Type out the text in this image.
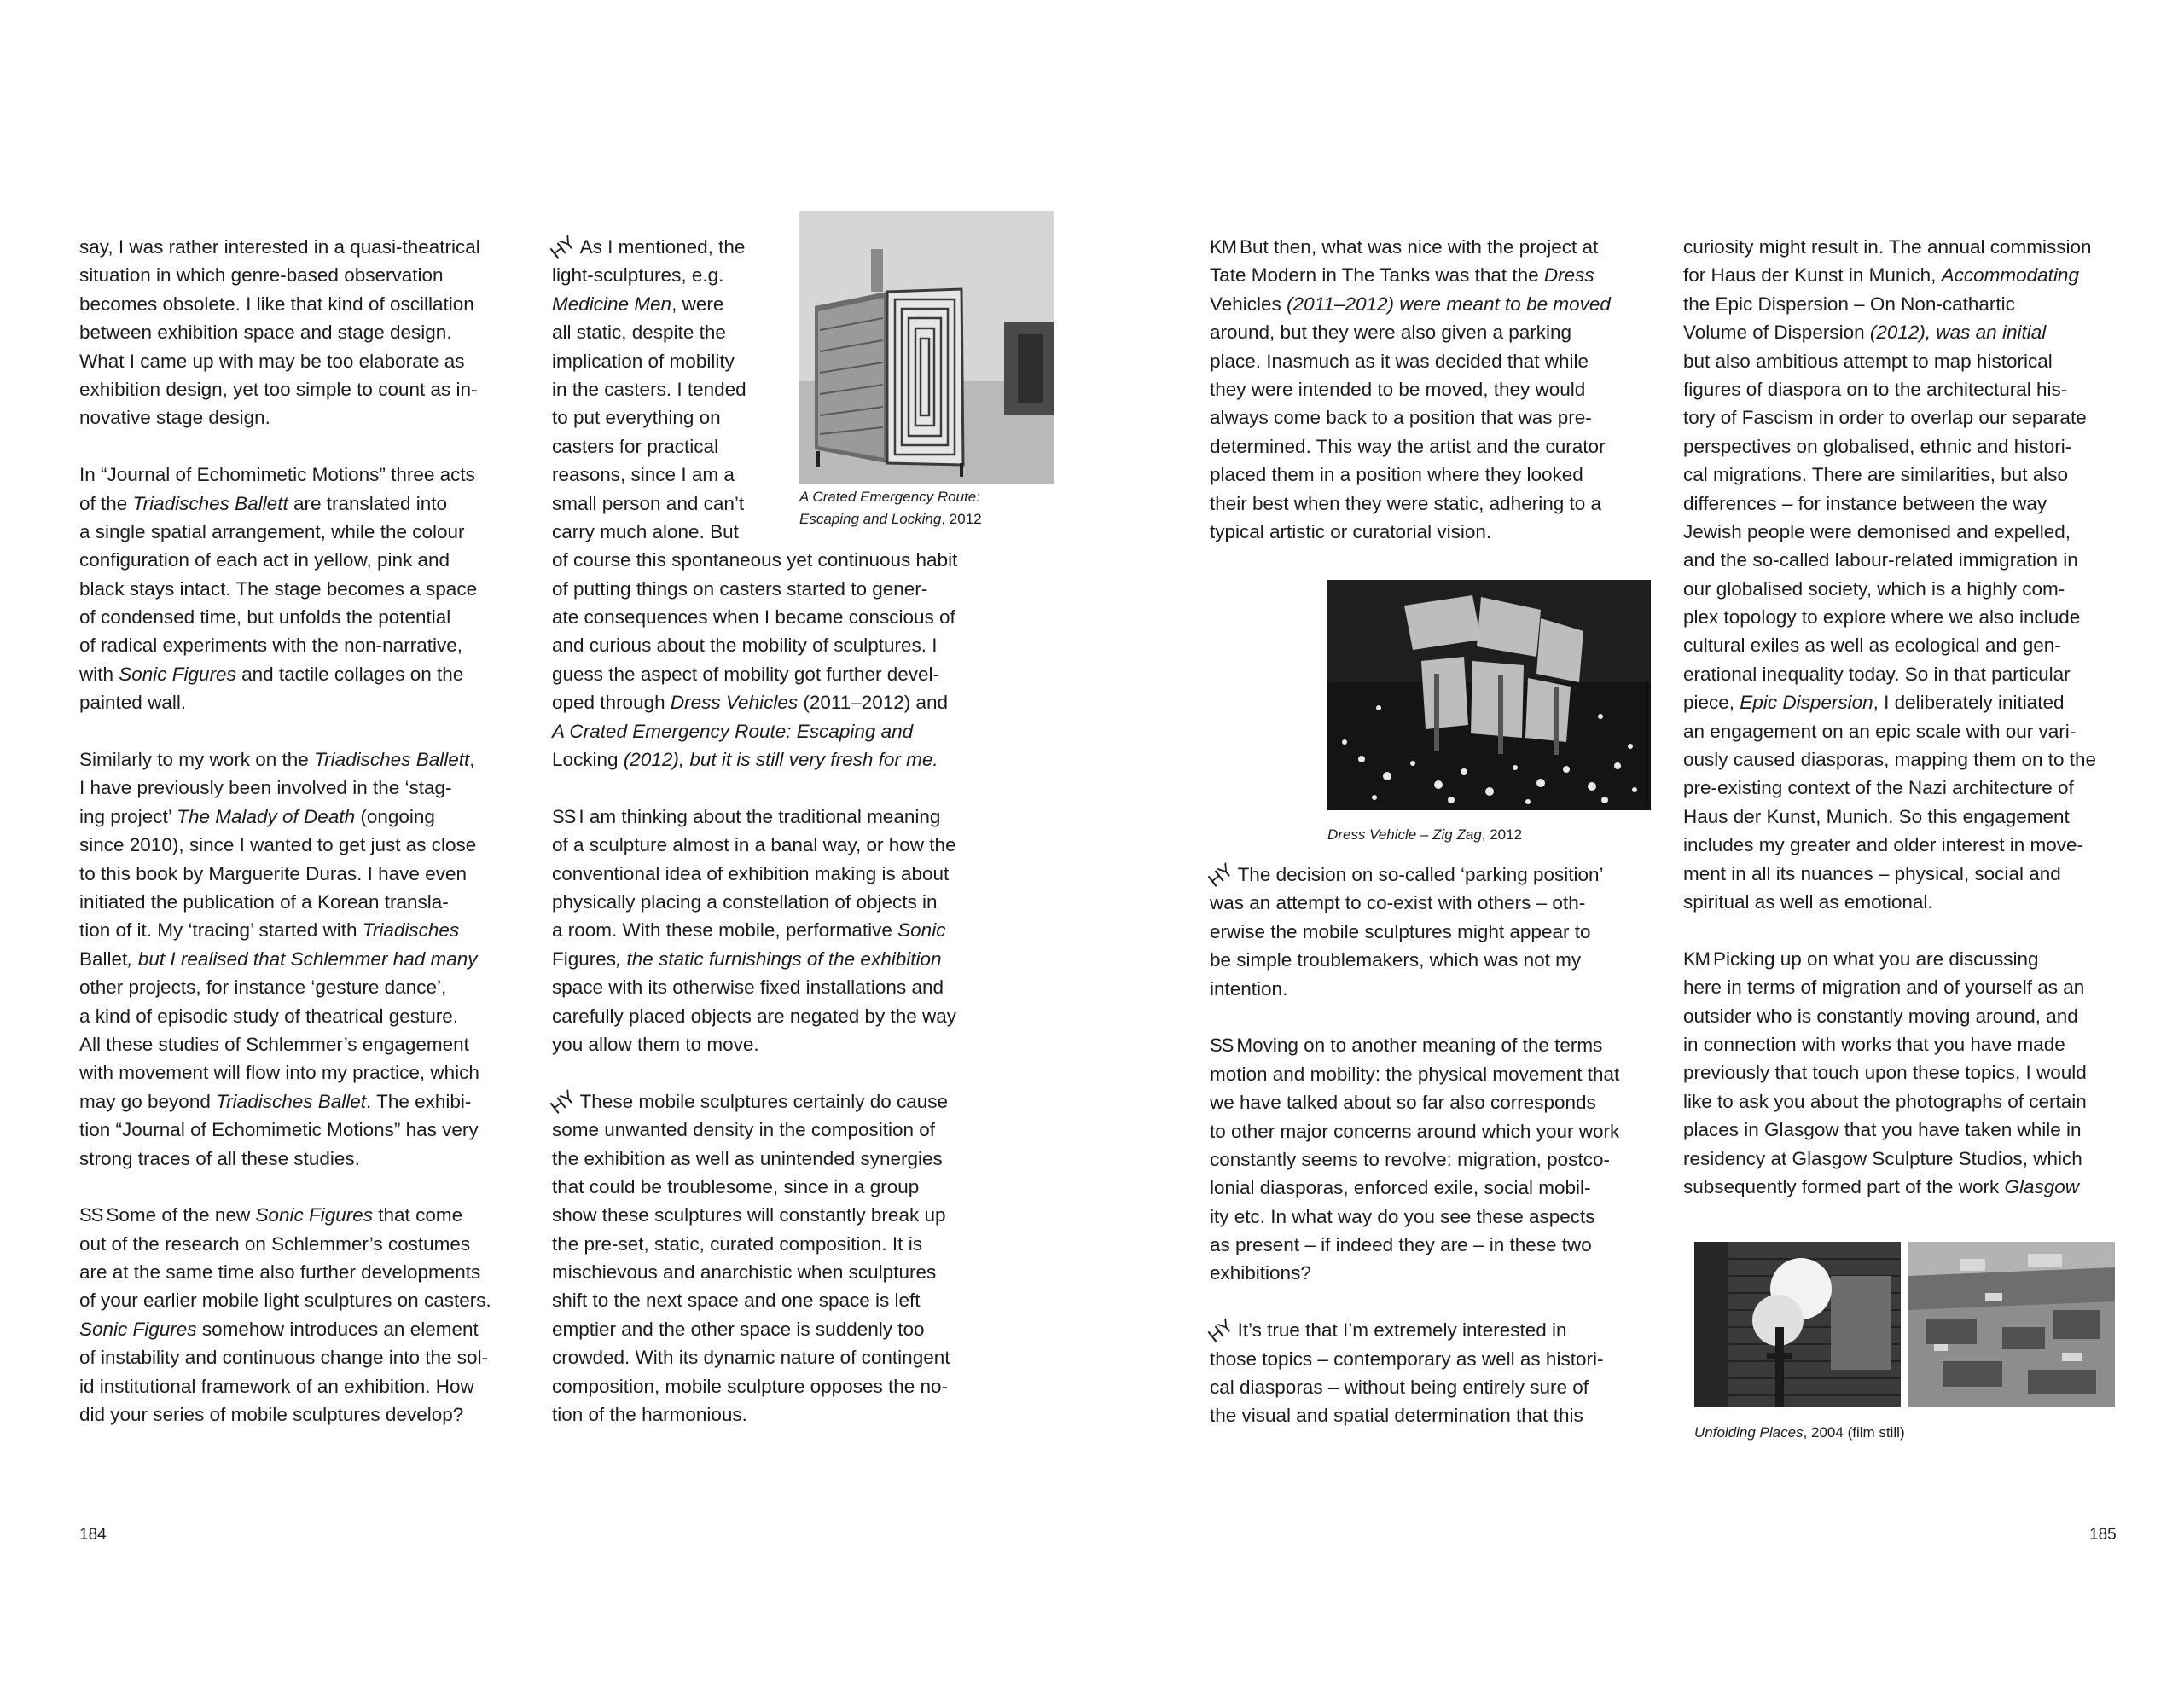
say, I was rather interested in a quasi-theatrical
situation in which genre-based observation
becomes obsolete. I like that kind of oscillation
between exhibition space and stage design.
What I came up with may be too elaborate as
exhibition design, yet too simple to count as in-
novative stage design.
In “Journal of Echomimetic Motions” three acts
of the Triadisches Ballett are translated into
a single spatial arrangement, while the colour
configuration of each act in yellow, pink and
black stays intact. The stage becomes a space
of condensed time, but unfolds the potential
of radical experiments with the non-narrative,
with Sonic Figures and tactile collages on the
painted wall.
Similarly to my work on the Triadisches Ballett,
I have previously been involved in the ‘stag-
ing project’ The Malady of Death (ongoing
since 2010), since I wanted to get just as close
to this book by Marguerite Duras. I have even
initiated the publication of a Korean transla-
tion of it. My ‘tracing’ started with Triadisches
Ballet, but I realised that Schlemmer had many
other projects, for instance ‘gesture dance’,
a kind of episodic study of theatrical gesture.
All these studies of Schlemmer’s engagement
with movement will flow into my practice, which
may go beyond Triadisches Ballet. The exhibi-
tion “Journal of Echomimetic Motions” has very
strong traces of all these studies.
SS Some of the new Sonic Figures that come
out of the research on Schlemmer’s costumes
are at the same time also further developments
of your earlier mobile light sculptures on casters.
Sonic Figures somehow introduces an element
of instability and continuous change into the sol-
id institutional framework of an exhibition. How
did your series of mobile sculptures develop?
HYAs I mentioned, the
light-sculptures, e.g.
Medicine Men, were
all static, despite the
implication of mobility
in the casters. I tended
to put everything on
casters for practical
reasons, since I am a
small person and can’t
carry much alone. But
of course this spontaneous yet continuous habit
of putting things on casters started to gener-
ate consequences when I became conscious of
and curious about the mobility of sculptures. I
guess the aspect of mobility got further devel-
oped through Dress Vehicles (2011–2012) and
A Crated Emergency Route: Escaping and
Locking (2012), but it is still very fresh for me.
SS I am thinking about the traditional meaning
of a sculpture almost in a banal way, or how the
conventional idea of exhibition making is about
physically placing a constellation of objects in
a room. With these mobile, performative Sonic
Figures, the static furnishings of the exhibition
space with its otherwise fixed installations and
carefully placed objects are negated by the way
you allow them to move.
HYThese mobile sculptures certainly do cause
some unwanted density in the composition of
the exhibition as well as unintended synergies
that could be troublesome, since in a group
show these sculptures will constantly break up
the pre-set, static, curated composition. It is
mischievous and anarchistic when sculptures
shift to the next space and one space is left
emptier and the other space is suddenly too
crowded. With its dynamic nature of contingent
composition, mobile sculpture opposes the no-
tion of the harmonious.
KM But then, what was nice with the project at
Tate Modern in The Tanks was that the Dress
Vehicles (2011–2012) were meant to be moved
around, but they were also given a parking
place. Inasmuch as it was decided that while
they were intended to be moved, they would
always come back to a position that was pre-
determined. This way the artist and the curator
placed them in a position where they looked
their best when they were static, adhering to a
typical artistic or curatorial vision.
HYThe decision on so-called ‘parking position’
was an attempt to co-exist with others – oth-
erwise the mobile sculptures might appear to
be simple troublemakers, which was not my
intention.
SS Moving on to another meaning of the terms
motion and mobility: the physical movement that
we have talked about so far also corresponds
to other major concerns around which your work
constantly seems to revolve: migration, postco-
lonial diasporas, enforced exile, social mobil-
ity etc. In what way do you see these aspects
as present – if indeed they are – in these two
exhibitions?
HYIt’s true that I’m extremely interested in
those topics – contemporary as well as histori-
cal diasporas – without being entirely sure of
the visual and spatial determination that this
curiosity might result in. The annual commission
for Haus der Kunst in Munich, Accommodating
the Epic Dispersion – On Non-cathartic
Volume of Dispersion (2012), was an initial
but also ambitious attempt to map historical
figures of diaspora on to the architectural his-
tory of Fascism in order to overlap our separate
perspectives on globalised, ethnic and histori-
cal migrations. There are similarities, but also
differences – for instance between the way
Jewish people were demonised and expelled,
and the so-called labour-related immigration in
our globalised society, which is a highly com-
plex topology to explore where we also include
cultural exiles as well as ecological and gen-
erational inequality today. So in that particular
piece, Epic Dispersion, I deliberately initiated
an engagement on an epic scale with our vari-
ously caused diasporas, mapping them on to the
pre-existing context of the Nazi architecture of
Haus der Kunst, Munich. So this engagement
includes my greater and older interest in move-
ment in all its nuances – physical, social and
spiritual as well as emotional.
KM Picking up on what you are discussing
here in terms of migration and of yourself as an
outsider who is constantly moving around, and
in connection with works that you have made
previously that touch upon these topics, I would
like to ask you about the photographs of certain
places in Glasgow that you have taken while in
residency at Glasgow Sculpture Studios, which
subsequently formed part of the work Glasgow
A Crated Emergency Route:
Escaping and Locking, 2012
Dress Vehicle – Zig Zag, 2012
Unfolding Places, 2004 (film still)
184	185
